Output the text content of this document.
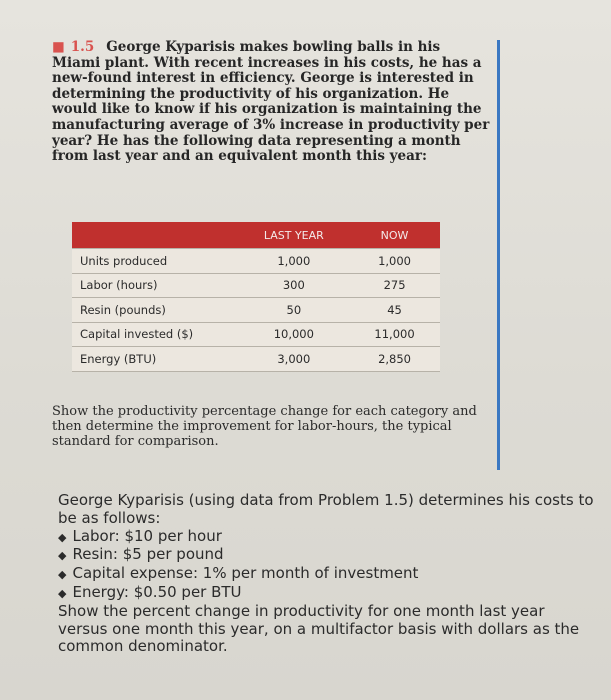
■ 1.5 George Kyparisis makes bowling balls in his Miami plant. With recent increases in his costs, he has a new-found interest in efficiency. George is interested in determining the productivity of his organization. He would like to know if his organization is maintaining the manufacturing average of 3% increase in productivity per year? He has the following data representing a month from last year and an equivalent month this year:
	LAST YEAR		NOW
Units produced	1,000		1,000
Labor (hours)	300		275
Resin (pounds)	50		45
Capital invested ($)	10,000		11,000
Energy (BTU)	3,000		2,850
Show the productivity percentage change for each category and then determine the improvement for labor-hours, the typical standard for comparison.

George Kyparisis (using data from Problem 1.5) determines his costs to be as follows:

◆ Labor: $10 per hour

◆ Resin: $5 per pound

◆ Capital expense: 1% per month of investment

◆ Energy: $0.50 per BTU

Show the percent change in productivity for one month last year versus one month this year, on a multifactor basis with dollars as the common denominator.
